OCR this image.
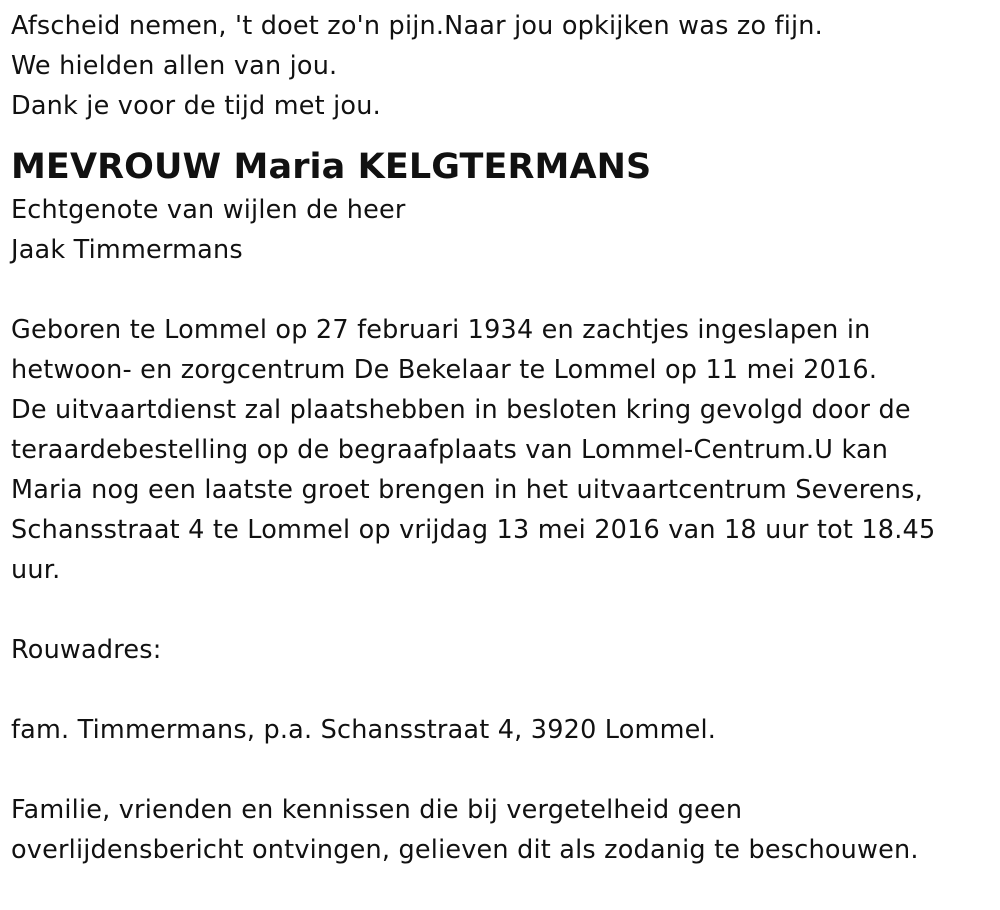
Afscheid nemen, 't doet zo'n pijn.Naar jou opkijken was zo fijn.
We hielden allen van jou.
Dank je voor de tijd met jou.
MEVROUW Maria KELGTERMANS
Echtgenote van wijlen de heer
Jaak Timmermans
Geboren te Lommel op 27 februari 1934 en zachtjes ingeslapen in
hetwoon- en zorgcentrum De Bekelaar te Lommel op 11 mei 2016.
De uitvaartdienst zal plaatshebben in besloten kring gevolgd door de
teraardebestelling op de begraafplaats van Lommel-Centrum.U kan
Maria nog een laatste groet brengen in het uitvaartcentrum Severens,
Schansstraat 4 te Lommel op vrijdag 13 mei 2016 van 18 uur tot 18.45
uur.
Rouwadres:
fam. Timmermans, p.a. Schansstraat 4, 3920 Lommel.
Familie, vrienden en kennissen die bij vergetelheid geen
overlijdensbericht ontvingen, gelieven dit als zodanig te beschouwen.
